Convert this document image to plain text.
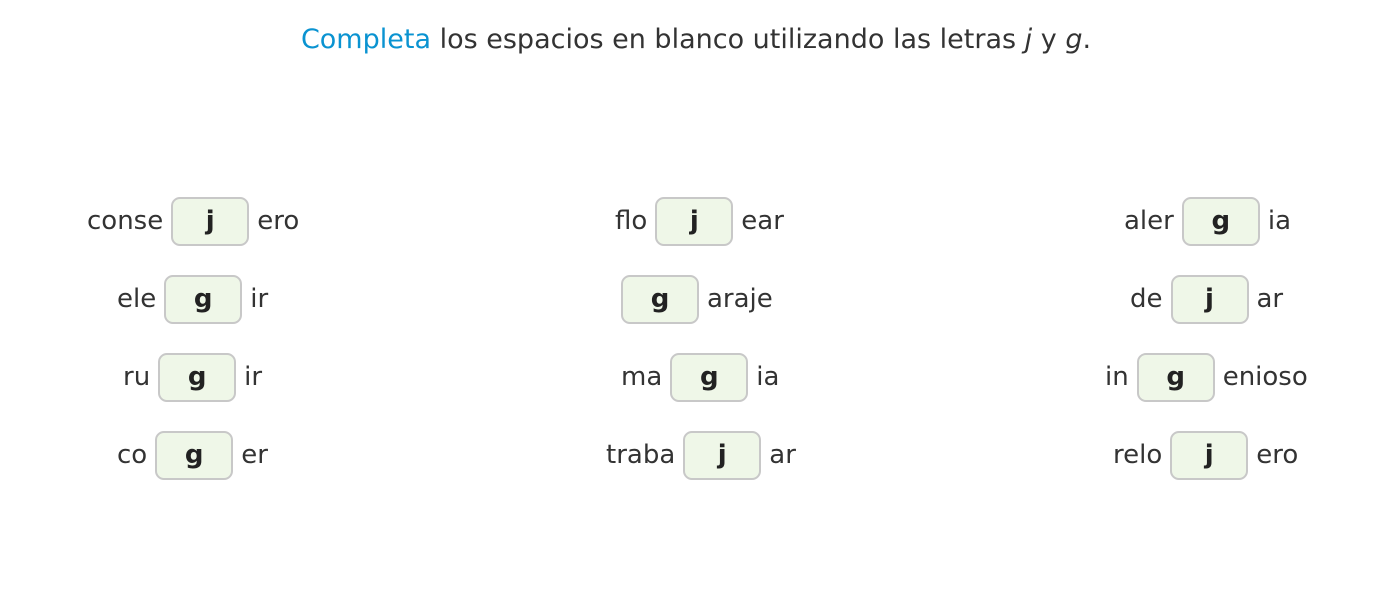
Completa los espacios en blanco utilizando las letras j y g.
conse	j	ero
ele	g	ir
ru	g	ir
co	g	er
flo	j	ear
g	araje
ma	g	ia
traba	j	ar
aler	g	ia
de	j	ar
in	g	enioso
relo	j	ero
